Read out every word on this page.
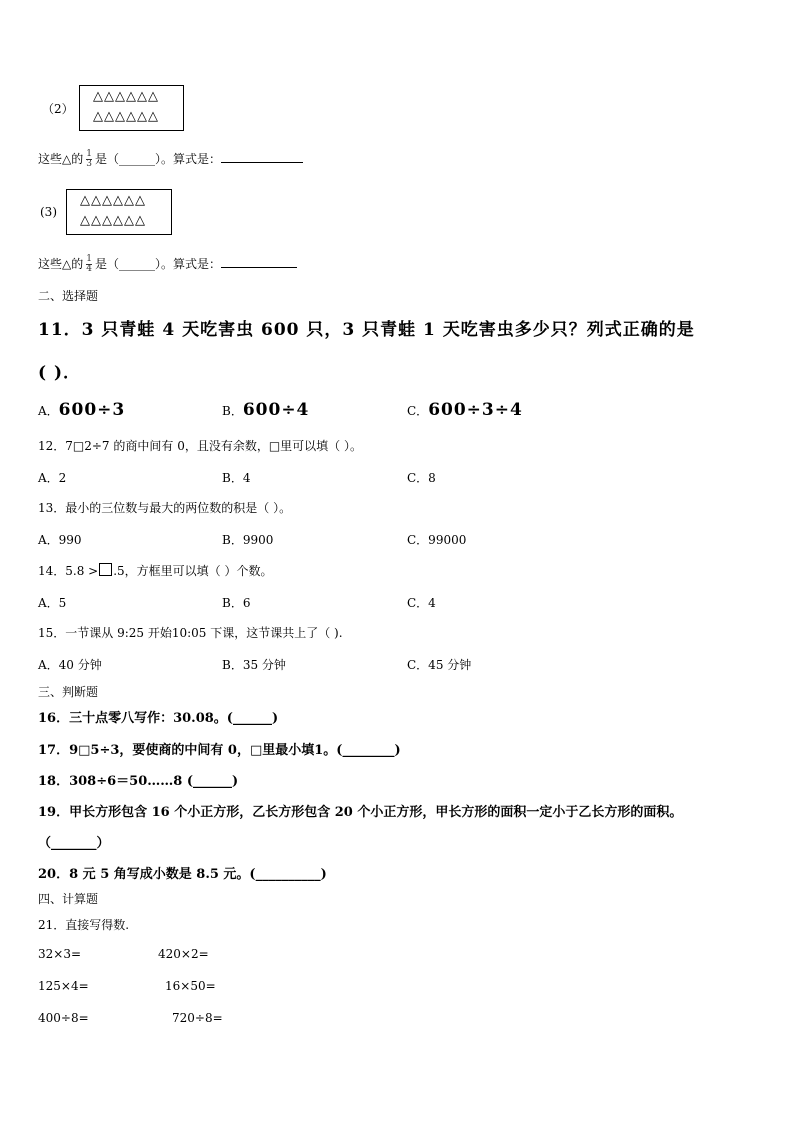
（2）
△△△△△△
△△△△△△
这些△的 $\frac{1}{3}$ 是（______）。算式是：
(3)
△△△△△△
△△△△△△
这些△的 $\frac{1}{4}$ 是（______）。算式是：
二、选择题
11．3 只青蛙 4 天吃害虫 600 只，3 只青蛙 1 天吃害虫多少只？列式正确的是
( )．
A．600÷3	B．600÷4	C．600÷3÷4
12．7□2÷7 的商中间有 0，且没有余数，□里可以填（ ）。
A．2	B．4	C．8
13．最小的三位数与最大的两位数的积是（ ）。
A．990	B．9900	C．99000
14．5.8 > .5，方框里可以填（ ）个数。
A．5	B．6	C．4
15．一节课从 9:25 开始10:05 下课，这节课共上了（ ).
A．40 分钟	B．35 分钟	C．45 分钟
三、判断题
16．三十点零八写作：30.08。(______)
17．9□5÷3，要使商的中间有 0，□里最小填1。(________)
18．308÷6＝50……8 (______)
19．甲长方形包含 16 个小正方形，乙长方形包含 20 个小正方形，甲长方形的面积一定小于乙长方形的面积。
（_______）
20．8 元 5 角写成小数是 8.5 元。(__________)
四、计算题
21．直接写得数.
32×3=	420×2=
125×4=	16×50=
400÷8=	720÷8=
